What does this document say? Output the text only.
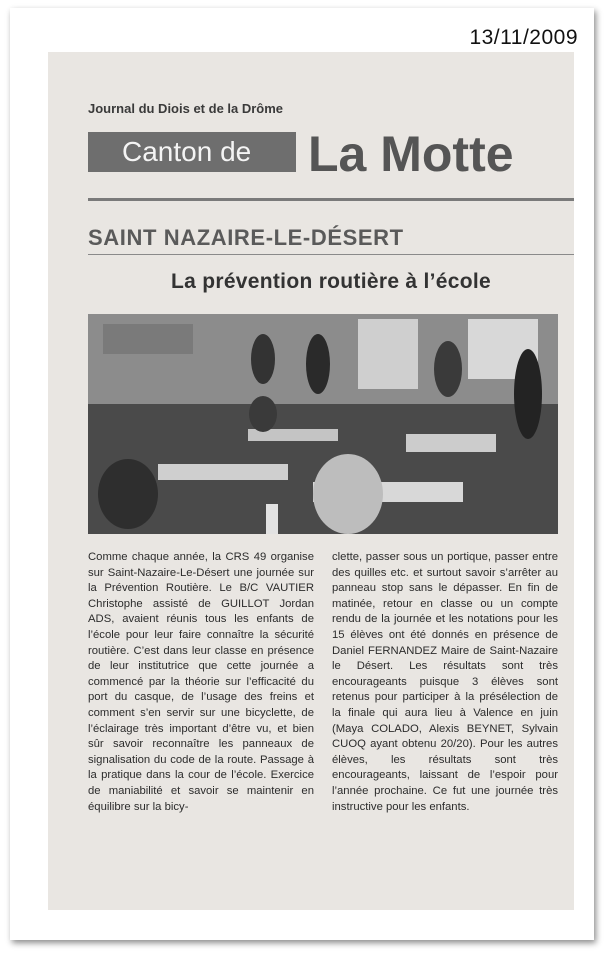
13/11/2009
Journal du Diois et de la Drôme
Canton de	La Motte
SAINT NAZAIRE-LE-DÉSERT
La prévention routière à l’école

Comme chaque année, la CRS 49 organise sur Saint-Nazaire-Le-Désert une journée sur la Prévention Routière. Le B/C VAUTIER Christophe assisté de GUILLOT Jordan ADS, avaient réunis tous les enfants de l’école pour leur faire connaître la sécurité routière. C’est dans leur classe en présence de leur institutrice que cette journée a commencé par la théorie sur l’efficacité du port du casque, de l’usage des freins et comment s’en servir sur une bicyclette, de l’éclairage très important d’être vu, et bien sûr savoir reconnaître les panneaux de signalisation du code de la route. Passage à la pratique dans la cour de l’école. Exercice de maniabilité et savoir se maintenir en équilibre sur la bicy-

clette, passer sous un portique, passer entre des quilles etc. et surtout savoir s’arrêter au panneau stop sans le dépasser. En fin de matinée, retour en classe ou un compte rendu de la journée et les notations pour les 15 élèves ont été donnés en présence de Daniel FERNANDEZ Maire de Saint-Nazaire le Désert. Les résultats sont très encourageants puisque 3 élèves sont retenus pour participer à la présélection de la finale qui aura lieu à Valence en juin (Maya COLADO, Alexis BEYNET, Sylvain CUOQ ayant obtenu 20/20). Pour les autres élèves, les résultats sont très encourageants, laissant de l’espoir pour l’année prochaine. Ce fut une journée très instructive pour les enfants.
